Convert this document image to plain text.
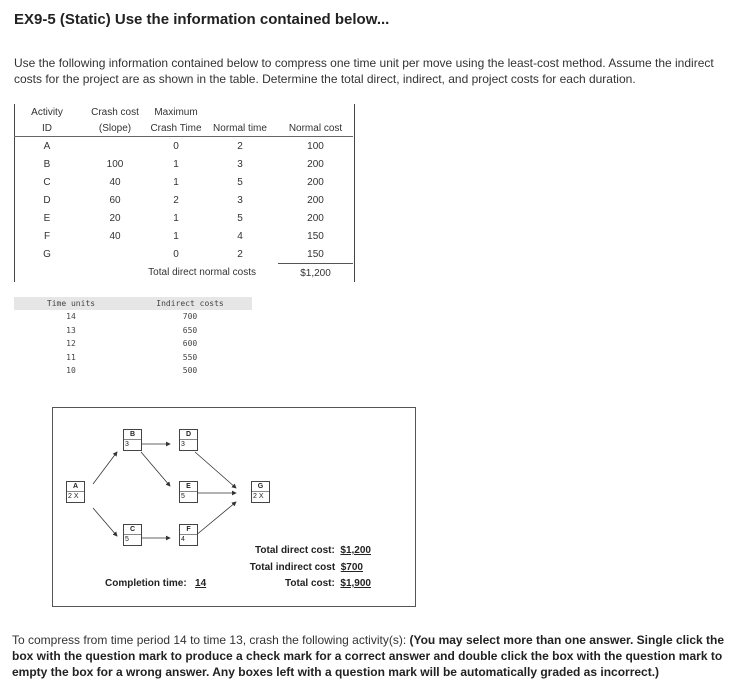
EX9-5 (Static) Use the information contained below...
Use the following information contained below to compress one time unit per move using the least-cost method. Assume the indirect costs for the project are as shown in the table. Determine the total direct, indirect, and project costs for each duration.
Activity	Crash cost	Maximum		
ID	(Slope)	Crash Time	Normal time	Normal cost
A		0	2	100
B	100	1	3	200
C	40	1	5	200
D	60	2	3	200
E	20	1	5	200
F	40	1	4	150
G		0	2	150
	Total direct normal costs			$1,200
Time units	Indirect costs
14	700
13	650
12	600
11	550
10	500
A
2 X
B
3
C
5
D
3
E
5
F
4
G
2 X
Completion time: 14
Total direct cost: $1,200
Total indirect cost $700
Total cost: $1,900
To compress from time period 14 to time 13, crash the following activity(s): (You may select more than one answer. Single click the box with the question mark to produce a check mark for a correct answer and double click the box with the question mark to empty the box for a wrong answer. Any boxes left with a question mark will be automatically graded as incorrect.)
